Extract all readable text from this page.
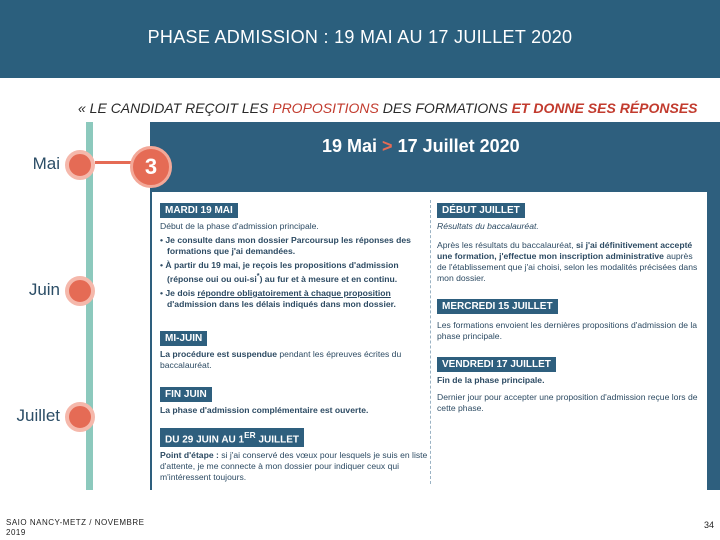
PHASE ADMISSION : 19 MAI AU 17 JUILLET 2020
« LE CANDIDAT REÇOIT LES PROPOSITIONS DES FORMATIONS ET DONNE SES RÉPONSES
Mai
Juin
Juillet
19 Mai > 17 Juillet 2020
MARDI 19 MAI
Début de la phase d'admission principale.
• Je consulte dans mon dossier Parcoursup les réponses des formations que j'ai demandées.
• À partir du 19 mai, je reçois les propositions d'admission (réponse oui ou oui-si*) au fur et à mesure et en continu.
• Je dois répondre obligatoirement à chaque proposition d'admission dans les délais indiqués dans mon dossier.
MI-JUIN
La procédure est suspendue pendant les épreuves écrites du baccalauréat.
FIN JUIN
La phase d'admission complémentaire est ouverte.
DU 29 JUIN AU 1ER JUILLET
Point d'étape : si j'ai conservé des vœux pour lesquels je suis en liste d'attente, je me connecte à mon dossier pour indiquer ceux qui m'intéressent toujours.
DÉBUT JUILLET
Résultats du baccalauréat.
Après les résultats du baccalauréat, si j'ai définitivement accepté une formation, j'effectue mon inscription administrative auprès de l'établissement que j'ai choisi, selon les modalités précisées dans mon dossier.
MERCREDI 15 JUILLET
Les formations envoient les dernières propositions d'admission de la phase principale.
VENDREDI 17 JUILLET
Fin de la phase principale.
Dernier jour pour accepter une proposition d'admission reçue lors de cette phase.
3
SAIO NANCY-METZ / NOVEMBRE 2019
34
